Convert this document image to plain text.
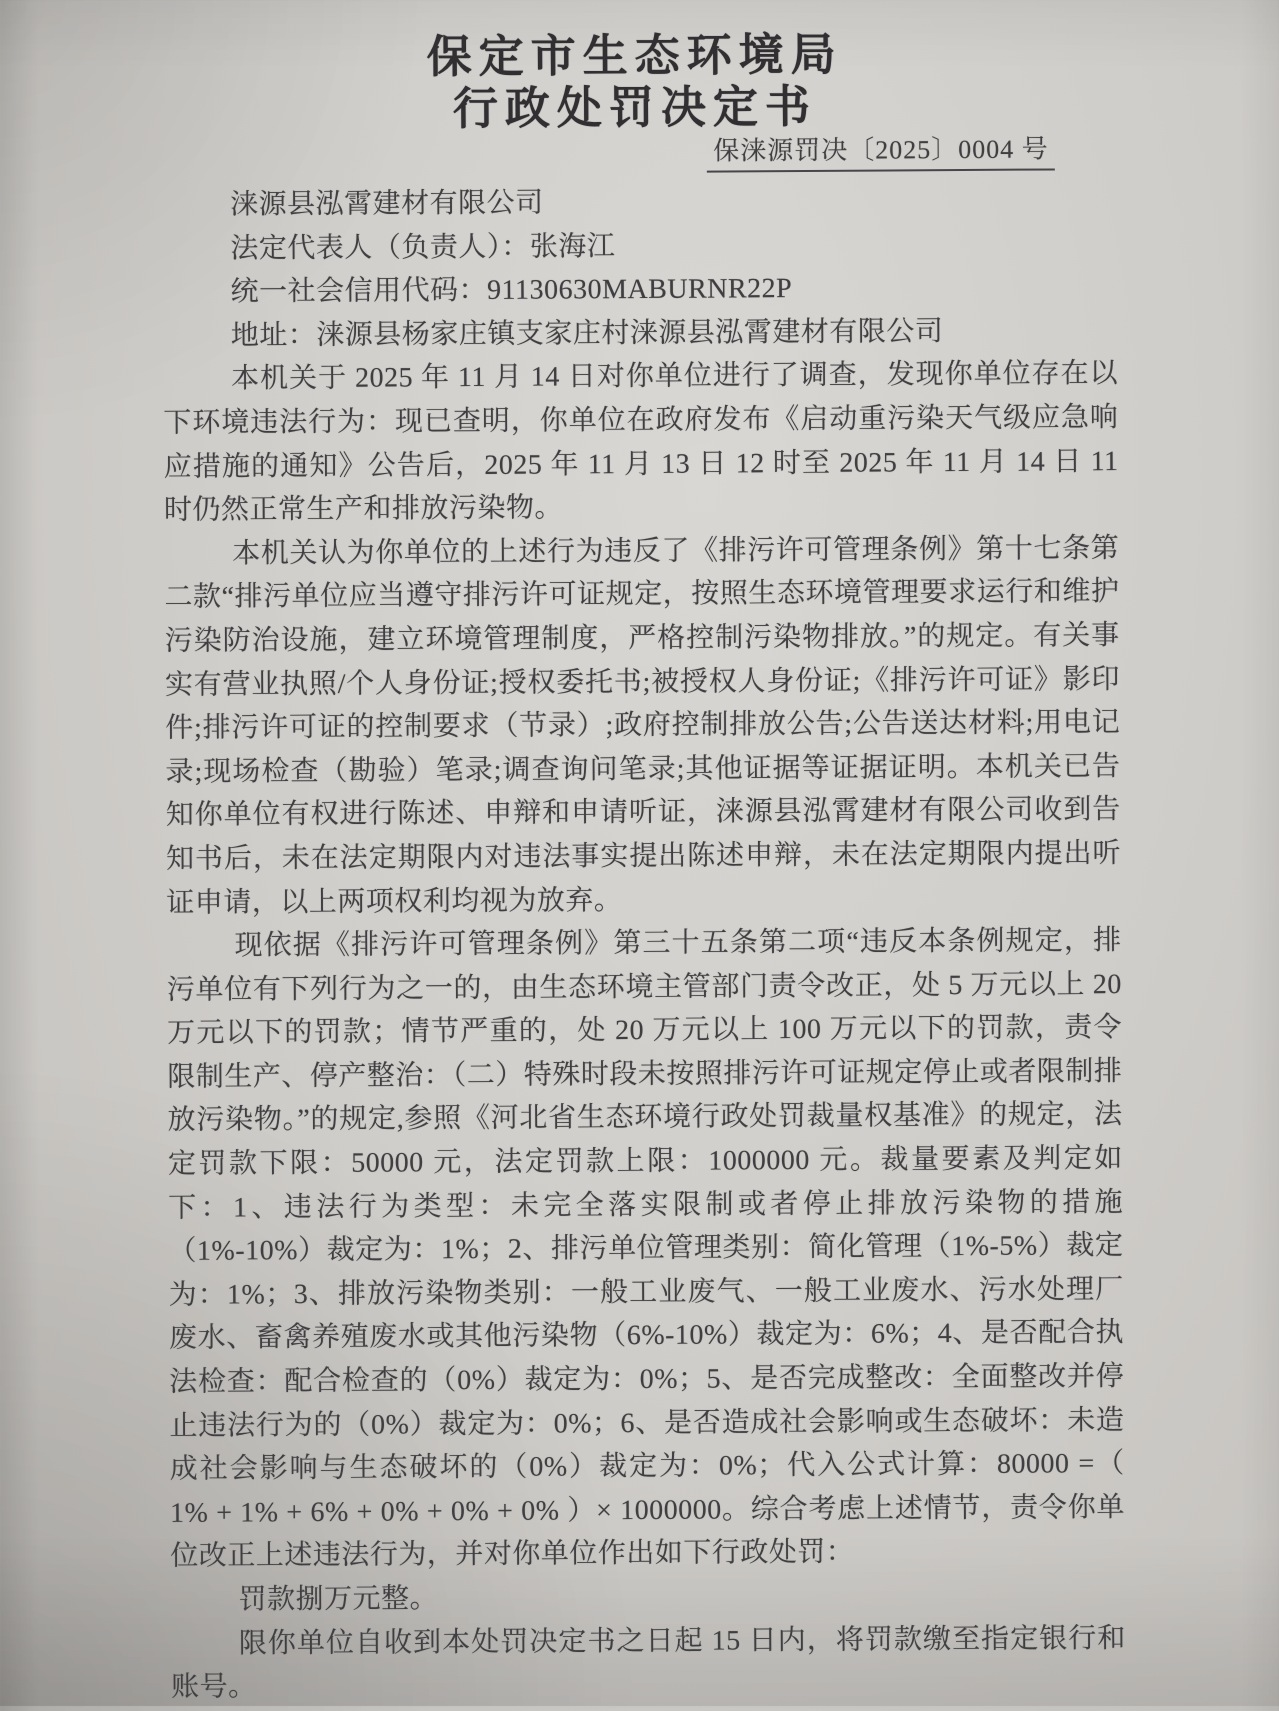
保定市生态环境局
行政处罚决定书
保涞源罚决〔2025〕0004 号
涞源县泓霄建材有限公司
法定代表人（负责人）：张海江
统一社会信用代码：91130630MABURNR22P
地址：涞源县杨家庄镇支家庄村涞源县泓霄建材有限公司

本机关于 2025 年 11 月 14 日对你单位进行了调查，发现你单位存在以下环境违法行为：现已查明，你单位在政府发布《启动重污染天气级应急响应措施的通知》公告后，2025 年 11 月 13 日 12 时至 2025 年 11 月 14 日 11 时仍然正常生产和排放污染物。

本机关认为你单位的上述行为违反了《排污许可管理条例》第十七条第二款“排污单位应当遵守排污许可证规定，按照生态环境管理要求运行和维护污染防治设施，建立环境管理制度，严格控制污染物排放。”的规定。有关事实有营业执照/个人身份证;授权委托书;被授权人身份证;《排污许可证》影印件;排污许可证的控制要求（节录）;政府控制排放公告;公告送达材料;用电记录;现场检查（勘验）笔录;调查询问笔录;其他证据等证据证明。本机关已告知你单位有权进行陈述、申辩和申请听证，涞源县泓霄建材有限公司收到告知书后，未在法定期限内对违法事实提出陈述申辩，未在法定期限内提出听证申请，以上两项权利均视为放弃。

现依据《排污许可管理条例》第三十五条第二项“违反本条例规定，排污单位有下列行为之一的，由生态环境主管部门责令改正，处 5 万元以上 20 万元以下的罚款；情节严重的，处 20 万元以上 100 万元以下的罚款，责令限制生产、停产整治：（二）特殊时段未按照排污许可证规定停止或者限制排放污染物。”的规定,参照《河北省生态环境行政处罚裁量权基准》的规定，法定罚款下限：50000 元，法定罚款上限：1000000 元。裁量要素及判定如下：1、违法行为类型：未完全落实限制或者停止排放污染物的措施（1%-10%）裁定为：1%；2、排污单位管理类别：简化管理（1%-5%）裁定为：1%；3、排放污染物类别：一般工业废气、一般工业废水、污水处理厂废水、畜禽养殖废水或其他污染物（6%-10%）裁定为：6%；4、是否配合执法检查：配合检查的（0%）裁定为：0%；5、是否完成整改：全面整改并停止违法行为的（0%）裁定为：0%；6、是否造成社会影响或生态破坏：未造成社会影响与生态破坏的（0%）裁定为：0%；代入公式计算：80000 =（ 1% + 1% + 6% + 0% + 0% + 0% ）× 1000000。综合考虑上述情节，责令你单位改正上述违法行为，并对你单位作出如下行政处罚：

罚款捌万元整。

限你单位自收到本处罚决定书之日起 15 日内，将罚款缴至指定银行和账号。
